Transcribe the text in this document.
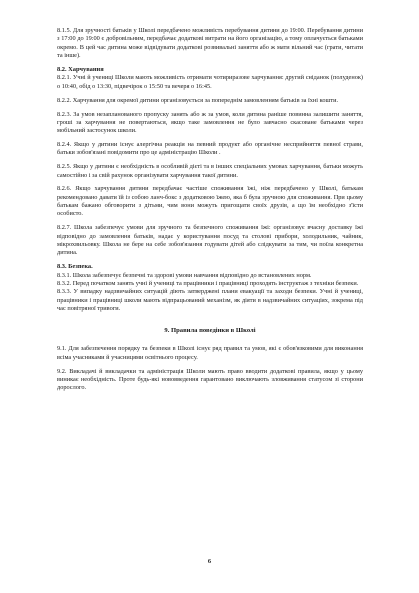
8.1.5. Для зручності батьків у Школі передбачено можливість перебування дитини до 19:00. Перебування дитини з 17:00 до 19:00 є добровільним, передбачає додаткові витрати на його організацію, а тому оплачується батьками окремо. В цей час дитина може відвідувати додаткові розвивальні заняття або ж мати вільний час (грати, читати та інше).

8.2. Харчування

8.2.1. Учні й учениці Школи мають можливість отримати чотириразове харчування: другий сніданок (полуденок) о 10:40, обід о 13:30, підвечірок о 15:50 та вечеря о 16:45.

8.2.2. Харчування для окремої дитини організовується за попереднім замовленням батьків за їхні кошти.

8.2.3. За умов незапланованого пропуску занять або ж за умов, коли дитина раніше повинна залишити заняття, гроші за харчування не повертаються, якщо таке замовлення не було завчасно скасоване батьками через мобільний застосунок школи.

8.2.4. Якщо у дитини існує алергічна реакція на певний продукт або органічне несприйняття певної страви, батьки зобов'язані повідомити про це адміністрацію Школи .

8.2.5. Якщо у дитини є необхідність в особливій дієті та в інших спеціальних умовах харчування, батьки можуть самостійно і за свій рахунок організувати харчування такої дитини.

8.2.6. Якщо харчування дитини передбачає частіше споживання їжі, ніж передбачено у Школі, батькам рекомендовано давати їй із собою ланч-бокс з додатковою їжею, яка б була зручною для споживання. При цьому батькам бажано обговорити з дітьми, чим вони можуть пригощати своїх друзів, а що їм необхідно з'їсти особисто.

8.2.7. Школа забезпечує умови для зручного та безпечного споживання їжі: організовує вчасну доставку їжі відповідно до замовлення батьків, надає у користування посуд та столові прибори, холодильник, чайник, мікрохвильовку. Школа не бере на себе зобов'язання годувати дітей або слідкувати за тим, чи поїла конкретна дитина.

8.3. Безпека.

8.3.1. Школа забезпечує безпечні та здорові умови навчання відповідно до встановлених норм.

8.3.2. Перед початком занять учні й учениці та працівники і працівниці проходять інструктаж з техніки безпеки.

8.3.3. У випадку надзвичайних ситуацій діють затверджені плани евакуації та заходи безпеки. Учні й учениці, працівники і працівниці школи мають відпрацьований механізм, як діяти в надзвичайних ситуаціях, зокрема під час повітряної тривоги.

9. Правила поведінки в Школі

9.1. Для забезпечення порядку та безпеки в Школі існує ряд правил та умов, які є обов'язковими для виконання всіма учасниками й учасницями освітнього процесу.

9.2. Викладачі й викладачки та адміністрація Школи мають право вводити додаткові правила, якщо у цьому виникає необхідність. Проте будь-які нововведення гарантовано виключають зловживання статусом зі сторони дорослого.

6
